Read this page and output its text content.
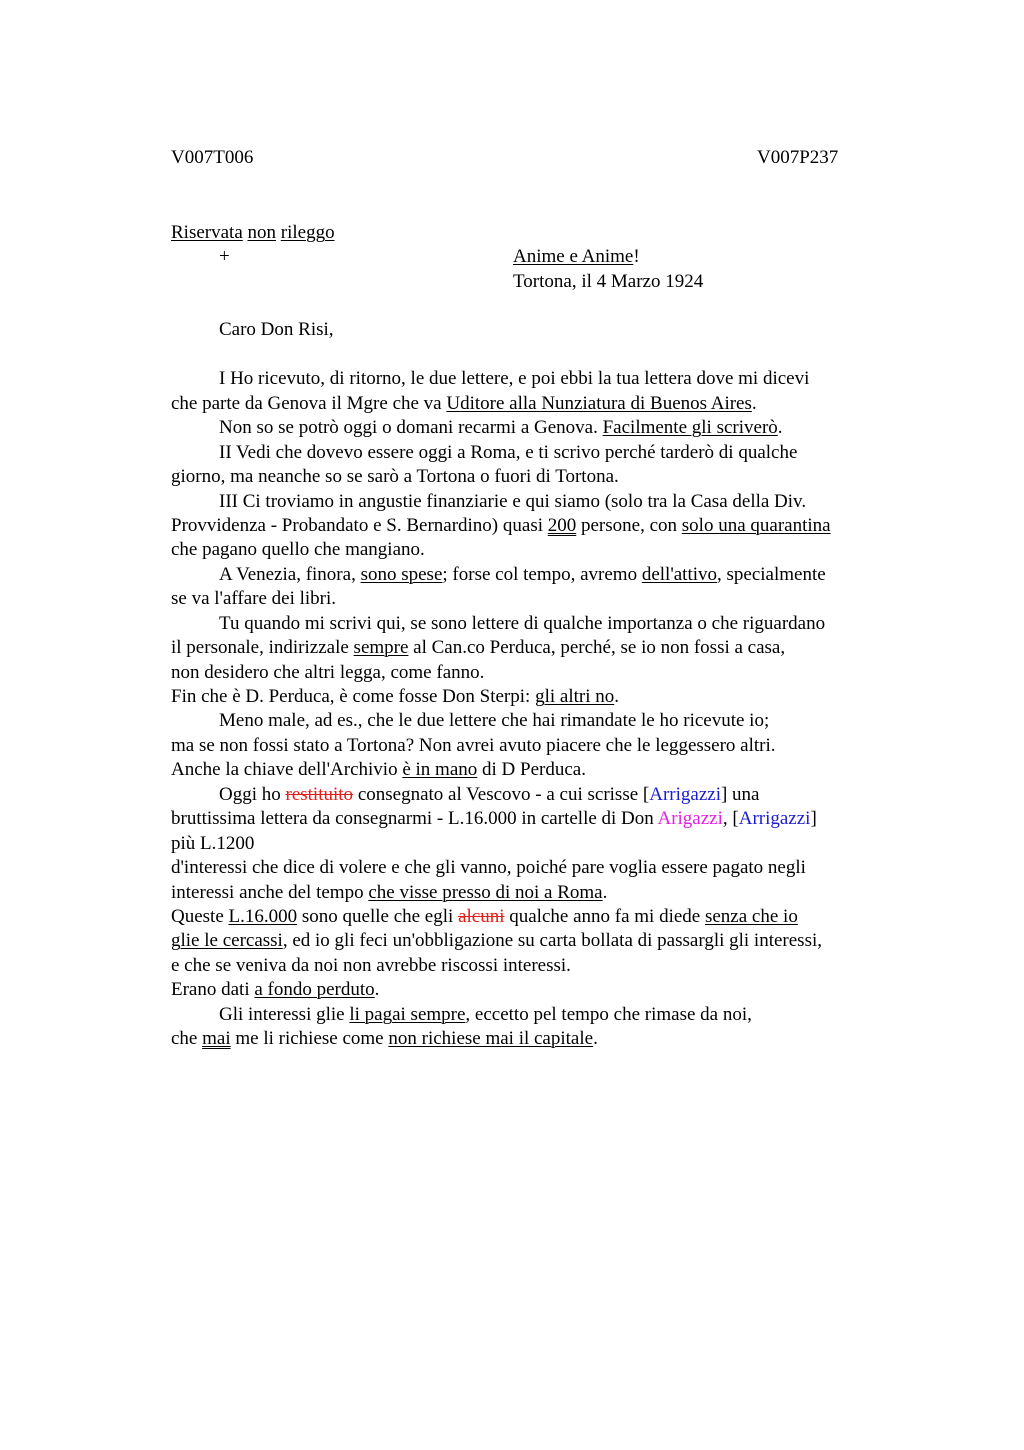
V007T006	V007P237
Riservata non rileggo
+	Anime e Anime!
Tortona, il 4 Marzo 1924
Caro Don Risi,
I Ho ricevuto, di ritorno, le due lettere, e poi ebbi la tua lettera dove mi dicevi
che parte da Genova il Mgre che va Uditore alla Nunziatura di Buenos Aires.
Non so se potrò oggi o domani recarmi a Genova. Facilmente gli scriverò.
II Vedi che dovevo essere oggi a Roma, e ti scrivo perché tarderò di qualche
giorno, ma neanche so se sarò a Tortona o fuori di Tortona.
III Ci troviamo in angustie finanziarie e qui siamo (solo tra la Casa della Div.
Provvidenza - Probandato e S. Bernardino) quasi 200 persone, con solo una quarantina
che pagano quello che mangiano.
A Venezia, finora, sono spese; forse col tempo, avremo dell'attivo, specialmente
se va l'affare dei libri.
Tu quando mi scrivi qui, se sono lettere di qualche importanza o che riguardano
il personale, indirizzale sempre al Can.co Perduca, perché, se io non fossi a casa,
non desidero che altri legga, come fanno.
Fin che è D. Perduca, è come fosse Don Sterpi: gli altri no.
Meno male, ad es., che le due lettere che hai rimandate le ho ricevute io;
ma se non fossi stato a Tortona? Non avrei avuto piacere che le leggessero altri.
Anche la chiave dell'Archivio è in mano di D Perduca.
Oggi ho restituito consegnato al Vescovo - a cui scrisse [Arrigazzi] una
bruttissima lettera da consegnarmi - L.16.000 in cartelle di Don Arigazzi, [Arrigazzi]
più L.1200
d'interessi che dice di volere e che gli vanno, poiché pare voglia essere pagato negli
interessi anche del tempo che visse presso di noi a Roma.
Queste L.16.000 sono quelle che egli alcuni qualche anno fa mi diede senza che io
glie le cercassi, ed io gli feci un'obbligazione su carta bollata di passargli gli interessi,
e che se veniva da noi non avrebbe riscossi interessi.
Erano dati a fondo perduto.
Gli interessi glie li pagai sempre, eccetto pel tempo che rimase da noi,
che mai me li richiese come non richiese mai il capitale.
